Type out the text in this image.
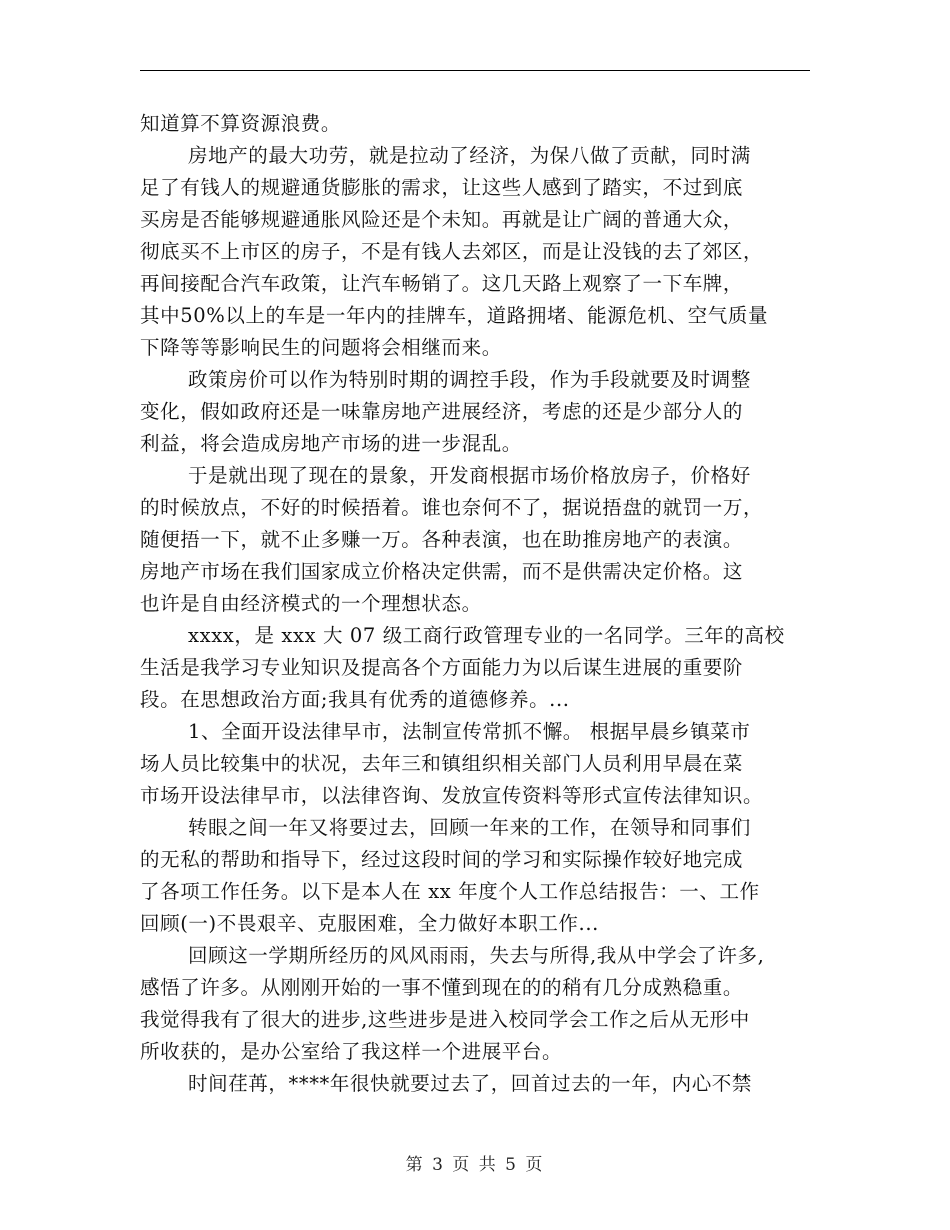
知道算不算资源浪费。
房地产的最大功劳，就是拉动了经济，为保八做了贡献，同时满
足了有钱人的规避通货膨胀的需求，让这些人感到了踏实，不过到底
买房是否能够规避通胀风险还是个未知。再就是让广阔的普通大众，
彻底买不上市区的房子，不是有钱人去郊区，而是让没钱的去了郊区，
再间接配合汽车政策，让汽车畅销了。这几天路上观察了一下车牌，
其中50%以上的车是一年内的挂牌车，道路拥堵、能源危机、空气质量
下降等等影响民生的问题将会相继而来。
政策房价可以作为特别时期的调控手段，作为手段就要及时调整
变化，假如政府还是一味靠房地产进展经济，考虑的还是少部分人的
利益，将会造成房地产市场的进一步混乱。
于是就出现了现在的景象，开发商根据市场价格放房子，价格好
的时候放点，不好的时候捂着。谁也奈何不了，据说捂盘的就罚一万，
随便捂一下，就不止多赚一万。各种表演，也在助推房地产的表演。
房地产市场在我们国家成立价格决定供需，而不是供需决定价格。这
也许是自由经济模式的一个理想状态。
xxxx，是 xxx 大 07 级工商行政管理专业的一名同学。三年的高校
生活是我学习专业知识及提高各个方面能力为以后谋生进展的重要阶
段。在思想政治方面;我具有优秀的道德修养。...
1、全面开设法律早市，法制宣传常抓不懈。 根据早晨乡镇菜市
场人员比较集中的状况，去年三和镇组织相关部门人员利用早晨在菜
市场开设法律早市，以法律咨询、发放宣传资料等形式宣传法律知识。
转眼之间一年又将要过去，回顾一年来的工作，在领导和同事们
的无私的帮助和指导下，经过这段时间的学习和实际操作较好地完成
了各项工作任务。以下是本人在 xx 年度个人工作总结报告：一、工作
回顾(一)不畏艰辛、克服困难，全力做好本职工作...
回顾这一学期所经历的风风雨雨，失去与所得,我从中学会了许多,
感悟了许多。从刚刚开始的一事不懂到现在的的稍有几分成熟稳重。
我觉得我有了很大的进步,这些进步是进入校同学会工作之后从无形中
所收获的，是办公室给了我这样一个进展平台。
时间荏苒，****年很快就要过去了，回首过去的一年，内心不禁
第 3 页 共 5 页
